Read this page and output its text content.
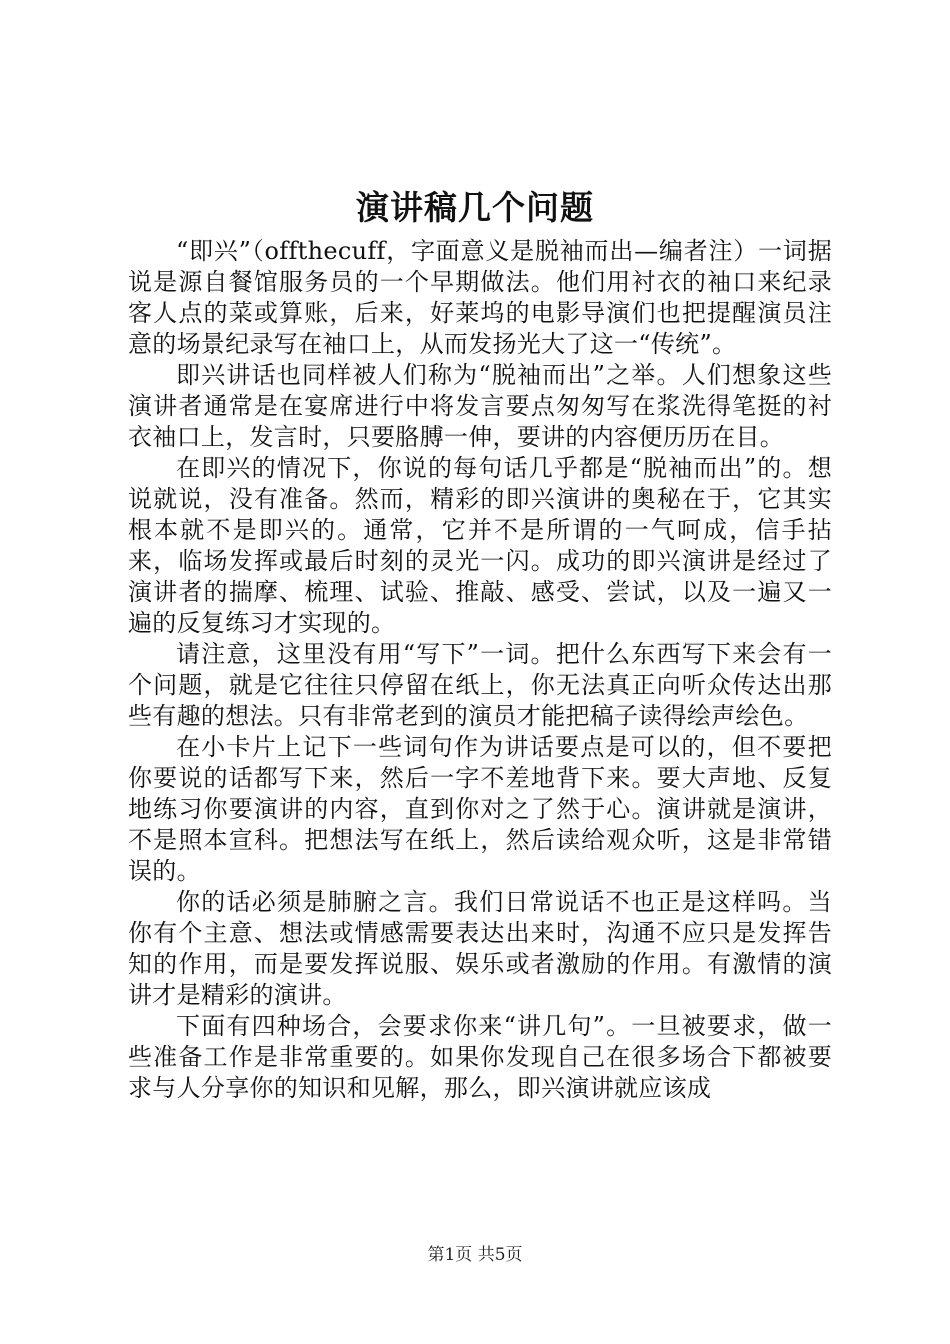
演讲稿几个问题

“即兴”（offthecuff，字面意义是脱袖而出—编者注）一词据说是源自餐馆服务员的一个早期做法。他们用衬衣的袖口来纪录客人点的菜或算账，后来，好莱坞的电影导演们也把提醒演员注意的场景纪录写在袖口上，从而发扬光大了这一“传统”。

即兴讲话也同样被人们称为“脱袖而出”之举。人们想象这些演讲者通常是在宴席进行中将发言要点匆匆写在浆洗得笔挺的衬衣袖口上，发言时，只要胳膊一伸，要讲的内容便历历在目。

在即兴的情况下，你说的每句话几乎都是“脱袖而出”的。想说就说，没有准备。然而，精彩的即兴演讲的奥秘在于，它其实根本就不是即兴的。通常，它并不是所谓的一气呵成，信手拈来，临场发挥或最后时刻的灵光一闪。成功的即兴演讲是经过了演讲者的揣摩、梳理、试验、推敲、感受、尝试，以及一遍又一遍的反复练习才实现的。

请注意，这里没有用“写下”一词。把什么东西写下来会有一个问题，就是它往往只停留在纸上，你无法真正向听众传达出那些有趣的想法。只有非常老到的演员才能把稿子读得绘声绘色。

在小卡片上记下一些词句作为讲话要点是可以的，但不要把你要说的话都写下来，然后一字不差地背下来。要大声地、反复地练习你要演讲的内容，直到你对之了然于心。演讲就是演讲，不是照本宣科。把想法写在纸上，然后读给观众听，这是非常错误的。

你的话必须是肺腑之言。我们日常说话不也正是这样吗。当你有个主意、想法或情感需要表达出来时，沟通不应只是发挥告知的作用，而是要发挥说服、娱乐或者激励的作用。有激情的演讲才是精彩的演讲。

下面有四种场合，会要求你来“讲几句”。一旦被要求，做一些准备工作是非常重要的。如果你发现自己在很多场合下都被要求与人分享你的知识和见解，那么，即兴演讲就应该成

第1页 共5页
